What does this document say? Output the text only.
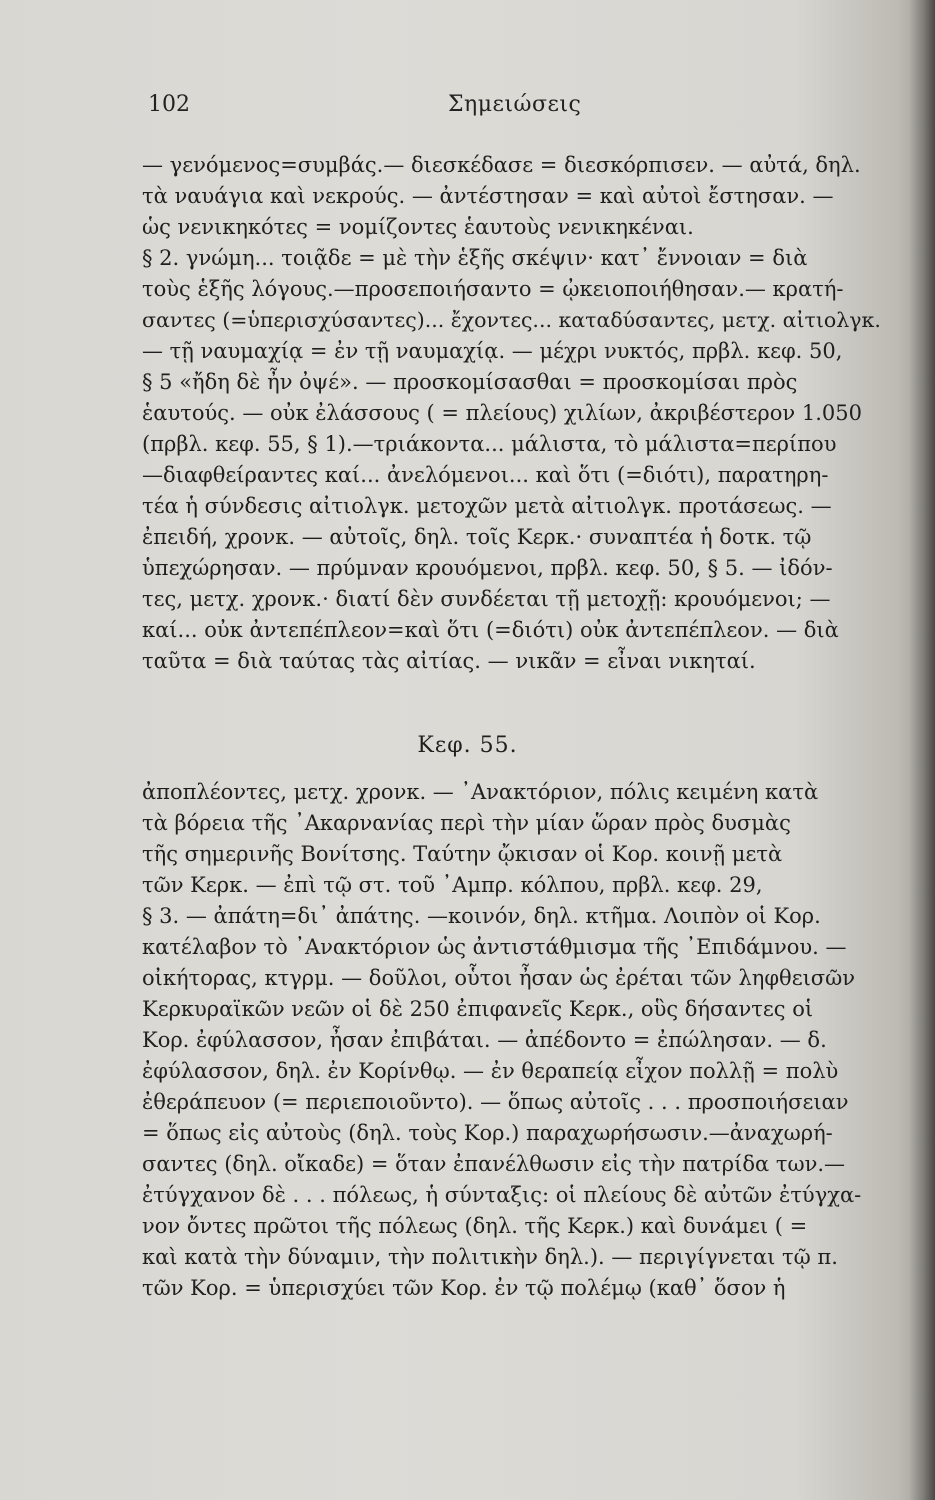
102	Σημειώσεις
— γενόμενος=συμβάς.— διεσκέδασε = διεσκόρπισεν. — αὐτά, δηλ.
τὰ ναυάγια καὶ νεκρούς. — ἀντέστησαν = καὶ αὐτοὶ ἔστησαν. —
ὡς νενικηκότες = νομίζοντες ἑαυτοὺς νενικηκέναι.
§ 2. γνώμη... τοιᾷδε = μὲ τὴν ἑξῆς σκέψιν· κατ᾽ ἔννοιαν = διὰ
τοὺς ἑξῆς λόγους.—προσεποιήσαντο = ᾠκειοποιήθησαν.— κρατή-
σαντες (=ὑπερισχύσαντες)... ἔχοντες... καταδύσαντες, μετχ. αἰτιολγκ.
— τῇ ναυμαχίᾳ = ἐν τῇ ναυμαχίᾳ. — μέχρι νυκτός, πρβλ. κεφ. 50,
§ 5 «ἤδη δὲ ἦν ὀψέ». — προσκομίσασθαι = προσκομίσαι πρὸς
ἑαυτούς. — οὐκ ἐλάσσους ( = πλείους) χιλίων, ἀκριβέστερον 1.050
(πρβλ. κεφ. 55, § 1).—τριάκοντα... μάλιστα, τὸ μάλιστα=περίπου
—διαφθείραντες καί... ἀνελόμενοι... καὶ ὅτι (=διότι), παρατηρη-
τέα ἡ σύνδεσις αἰτιολγκ. μετοχῶν μετὰ αἰτιολγκ. προτάσεως. —
ἐπειδή, χρονκ. — αὐτοῖς, δηλ. τοῖς Κερκ.· συναπτέα ἡ δοτκ. τῷ
ὑπεχώρησαν. — πρύμναν κρουόμενοι, πρβλ. κεφ. 50, § 5. — ἰδόν-
τες, μετχ. χρονκ.· διατί δὲν συνδέεται τῇ μετοχῇ: κρουόμενοι; —
καί... οὐκ ἀντεπέπλεον=καὶ ὅτι (=διότι) οὐκ ἀντεπέπλεον. — διὰ
ταῦτα = διὰ ταύτας τὰς αἰτίας. — νικᾶν = εἶναι νικηταί.
Κεφ. 55.
ἀποπλέοντες, μετχ. χρονκ. — ᾿Ανακτόριον, πόλις κειμένη κατὰ
τὰ βόρεια τῆς ᾿Ακαρνανίας περὶ τὴν μίαν ὥραν πρὸς δυσμὰς
τῆς σημερινῆς Βονίτσης. Ταύτην ᾤκισαν οἱ Κορ. κοινῇ μετὰ
τῶν Κερκ. — ἐπὶ τῷ στ. τοῦ ᾿Αμπρ. κόλπου, πρβλ. κεφ. 29,
§ 3. — ἀπάτη=δι᾽ ἀπάτης. —κοινόν, δηλ. κτῆμα. Λοιπὸν οἱ Κορ.
κατέλαβον τὸ ᾿Ανακτόριον ὡς ἀντιστάθμισμα τῆς ᾿Επιδάμνου. —
οἰκήτορας, κτγρμ. — δοῦλοι, οὗτοι ἦσαν ὡς ἐρέται τῶν ληφθεισῶν
Κερκυραϊκῶν νεῶν οἱ δὲ 250 ἐπιφανεῖς Κερκ., οὓς δήσαντες οἱ
Κορ. ἐφύλασσον, ἦσαν ἐπιβάται. — ἀπέδοντο = ἐπώλησαν. — δ.
ἐφύλασσον, δηλ. ἐν Κορίνθῳ. — ἐν θεραπείᾳ εἶχον πολλῇ = πολὺ
ἐθεράπευον (= περιεποιοῦντο). — ὅπως αὐτοῖς . . . προσποιήσειαν
= ὅπως εἰς αὐτοὺς (δηλ. τοὺς Κορ.) παραχωρήσωσιν.—ἀναχωρή-
σαντες (δηλ. οἴκαδε) = ὅταν ἐπανέλθωσιν εἰς τὴν πατρίδα των.—
ἐτύγχανον δὲ . . . πόλεως, ἡ σύνταξις: οἱ πλείους δὲ αὐτῶν ἐτύγχα-
νον ὄντες πρῶτοι τῆς πόλεως (δηλ. τῆς Κερκ.) καὶ δυνάμει ( =
καὶ κατὰ τὴν δύναμιν, τὴν πολιτικὴν δηλ.). — περιγίγνεται τῷ π.
τῶν Κορ. = ὑπερισχύει τῶν Κορ. ἐν τῷ πολέμῳ (καθ᾽ ὅσον ἡ
